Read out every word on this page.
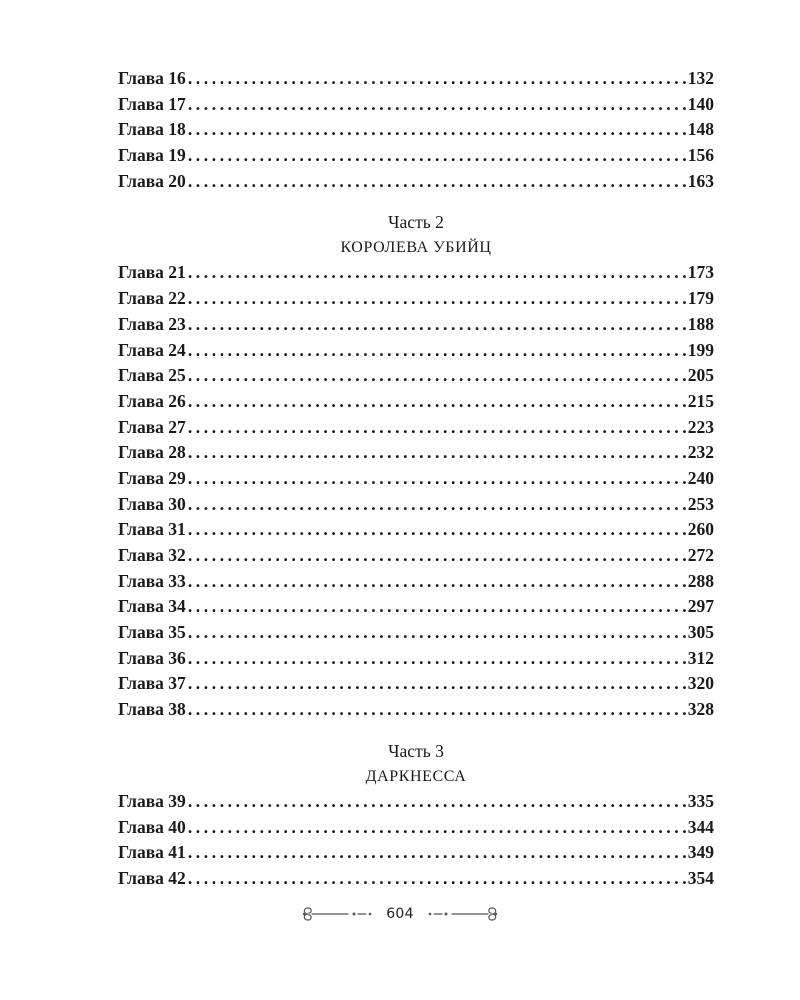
Глава 16 .....	132
Глава 17 .....	140
Глава 18 .....	148
Глава 19 .....	156
Глава 20 .....	163
Часть 2
КОРОЛЕВА УБИЙЦ
Глава 21 .....	173
Глава 22 .....	179
Глава 23 .....	188
Глава 24 .....	199
Глава 25 .....	205
Глава 26 .....	215
Глава 27 .....	223
Глава 28 .....	232
Глава 29 .....	240
Глава 30 .....	253
Глава 31 .....	260
Глава 32 .....	272
Глава 33 .....	288
Глава 34 .....	297
Глава 35 .....	305
Глава 36 .....	312
Глава 37 .....	320
Глава 38 .....	328
Часть 3
ДАРКНЕССА
Глава 39 .....	335
Глава 40 .....	344
Глава 41 .....	349
Глава 42 .....	354
604
